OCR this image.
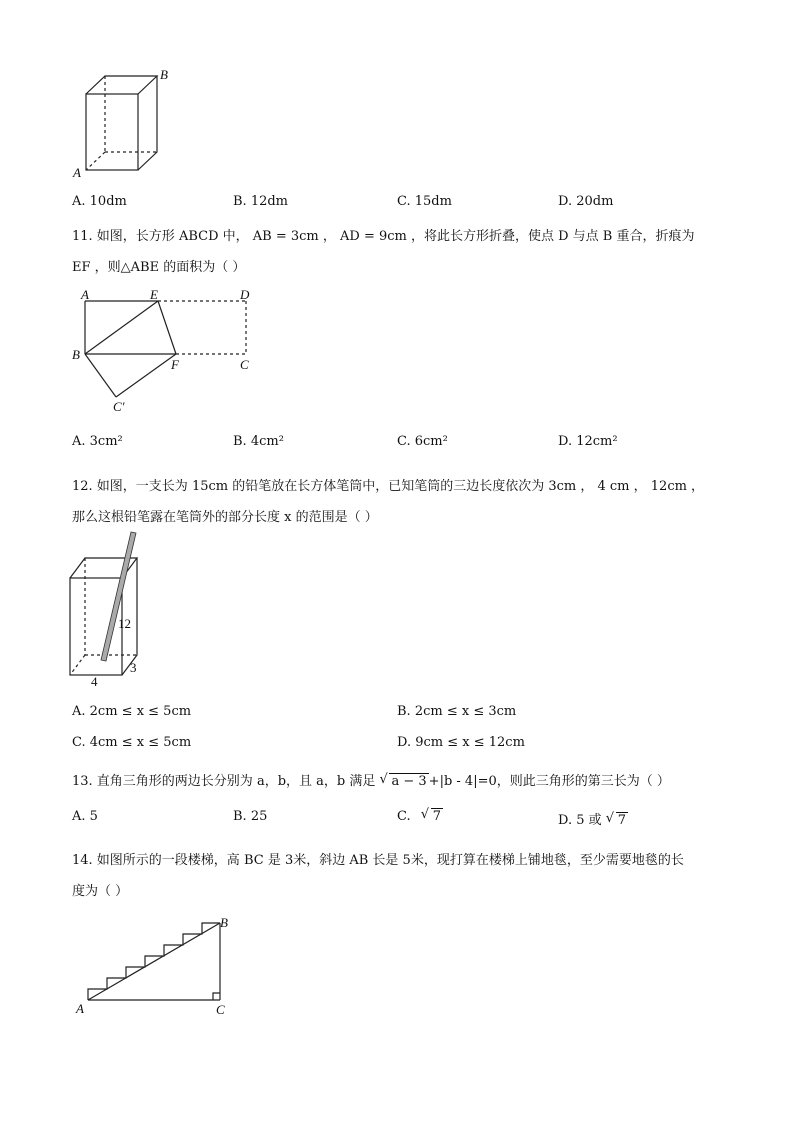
B
A
A. 10dm	B. 12dm	C. 15dm	D. 20dm
11. 如图，长方形 ABCD 中， AB = 3cm ， AD = 9cm ，将此长方形折叠，使点 D 与点 B 重合，折痕为
EF ，则△ABE 的面积为（ ）
A	E	D
B
F	C
C′
A. 3cm²	B. 4cm²	C. 6cm²	D. 12cm²
12. 如图，一支长为 15cm 的铅笔放在长方体笔筒中，已知笔筒的三边长度依次为 3cm ， 4 cm ， 12cm ，
那么这根铅笔露在笔筒外的部分长度 x 的范围是（ ）
12
3
4
A. 2cm ≤ x ≤ 5cm	B. 2cm ≤ x ≤ 3cm
C. 4cm ≤ x ≤ 5cm	D. 9cm ≤ x ≤ 12cm
13. 直角三角形的两边长分别为 a，b，且 a，b 满足 √ a − 3 +|b - 4|=0，则此三角形的第三长为（ ）
A. 5	B. 25	C. √ 7	D. 5 或 √ 7
14. 如图所示的一段楼梯，高 BC 是 3米，斜边 AB 长是 5米，现打算在楼梯上铺地毯，至少需要地毯的长
度为（ ）
B
A	C
